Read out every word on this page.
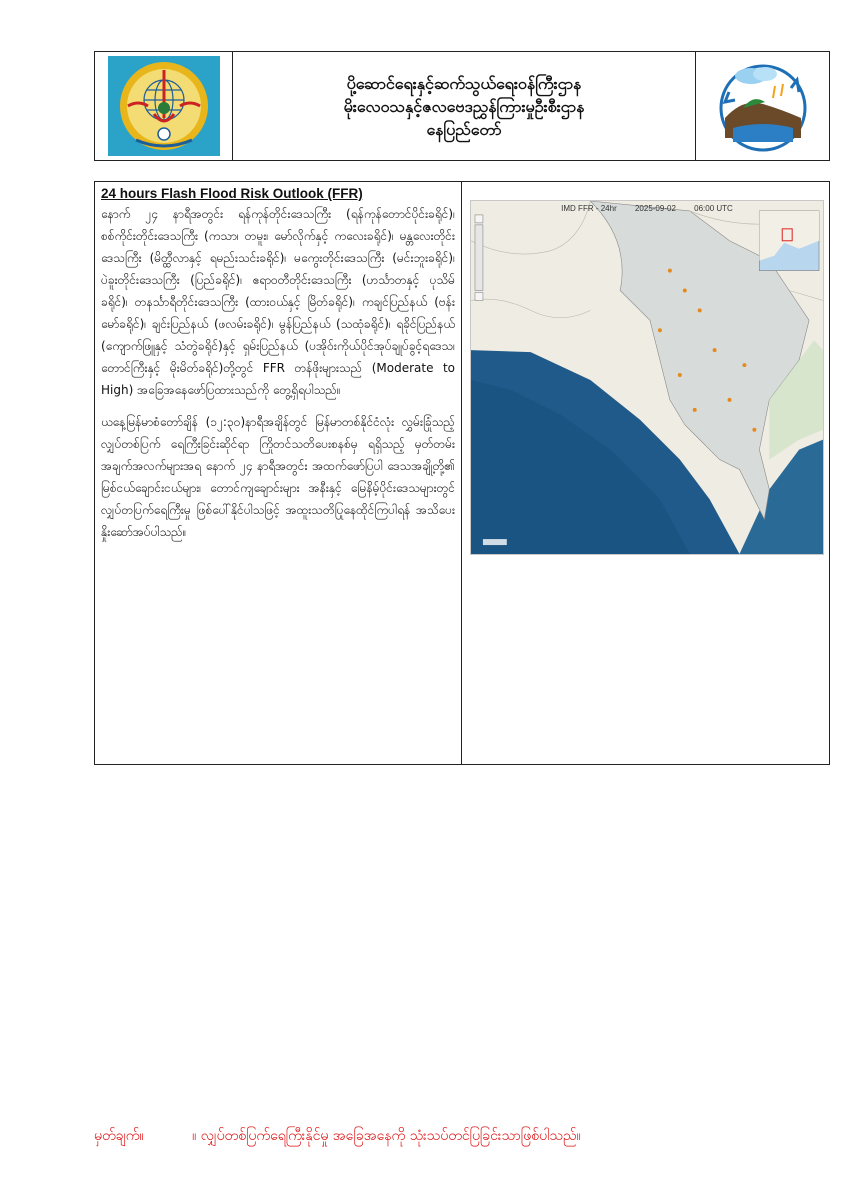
ပို့ဆောင်ရေးနှင့်ဆက်သွယ်ရေးဝန်ကြီးဌာန
မိုးလေဝသနှင့်ဇလဗေဒညွှန်ကြားမှုဦးစီးဌာန
နေပြည်တော်
24 hours Flash Flood Risk Outlook (FFR)

နောက် ၂၄ နာရီအတွင်း ရန်ကုန်တိုင်းဒေသကြီး (ရန်ကုန်တောင်ပိုင်းခရိုင်)၊ စစ်ကိုင်းတိုင်းဒေသကြီး (ကသာ၊ တမူး၊ မော်လိုက်နှင့် ကလေးခရိုင်)၊ မန္တလေးတိုင်းဒေသကြီး (မိတ္ထီလာနှင့် ရမည်းသင်းခရိုင်)၊ မကွေးတိုင်းဒေသကြီး (မင်းဘူးခရိုင်)၊ ပဲခူးတိုင်းဒေသကြီး (ပြည်ခရိုင်)၊ ဧရာဝတီတိုင်းဒေသကြီး (ဟင်္သာတနှင့် ပုသိမ်ခရိုင်)၊ တနင်္သာရီတိုင်းဒေသကြီး (ထားဝယ်နှင့် မြိတ်ခရိုင်)၊ ကချင်ပြည်နယ် (ဗန်းမော်ခရိုင်)၊ ချင်းပြည်နယ် (ဖလမ်းခရိုင်)၊ မွန်ပြည်နယ် (သထုံခရိုင်)၊ ရခိုင်ပြည်နယ် (ကျောက်ဖြူနှင့် သံတွဲခရိုင်)နှင့် ရှမ်းပြည်နယ် (ပအိုဝ်းကိုယ်ပိုင်အုပ်ချုပ်ခွင့်ရဒေသ၊ တောင်ကြီးနှင့် မိုးမိတ်ခရိုင်)တို့တွင် FFR တန်ဖိုးများသည် (Moderate to High) အခြေအနေဖော်ပြထားသည်ကို တွေ့ရှိရပါသည်။

ယနေ့မြန်မာစံတော်ချိန် (၁၂:၃၀)နာရီအချိန်တွင် မြန်မာတစ်နိုင်ငံလုံး လွှမ်းခြုံသည့် လျှပ်တစ်ပြက် ရေကြီးခြင်းဆိုင်ရာ ကြိုတင်သတိပေးစနစ်မှ ရရှိသည့် မှတ်တမ်းအချက်အလက်များအရ နောက် ၂၄ နာရီအတွင်း အထက်ဖော်ပြပါ ဒေသအချို့တို့၏ မြစ်ငယ်ချောင်းငယ်များ၊ တောင်ကျချောင်းများ အနီးနှင့် မြေနိမ့်ပိုင်းဒေသများတွင် လျှပ်တပြက်ရေကြီးမှု ဖြစ်ပေါ်နိုင်ပါသဖြင့် အထူးသတိပြုနေထိုင်ကြပါရန် အသိပေးနှိုးဆော်အပ်ပါသည်။

IMD FFR - 24hr 2025-09-02 06:00 UTC
မှတ်ချက်။	။ လျှပ်တစ်ပြက်ရေကြီးနိုင်မှု အခြေအနေကို သုံးသပ်တင်ပြခြင်းသာဖြစ်ပါသည်။
